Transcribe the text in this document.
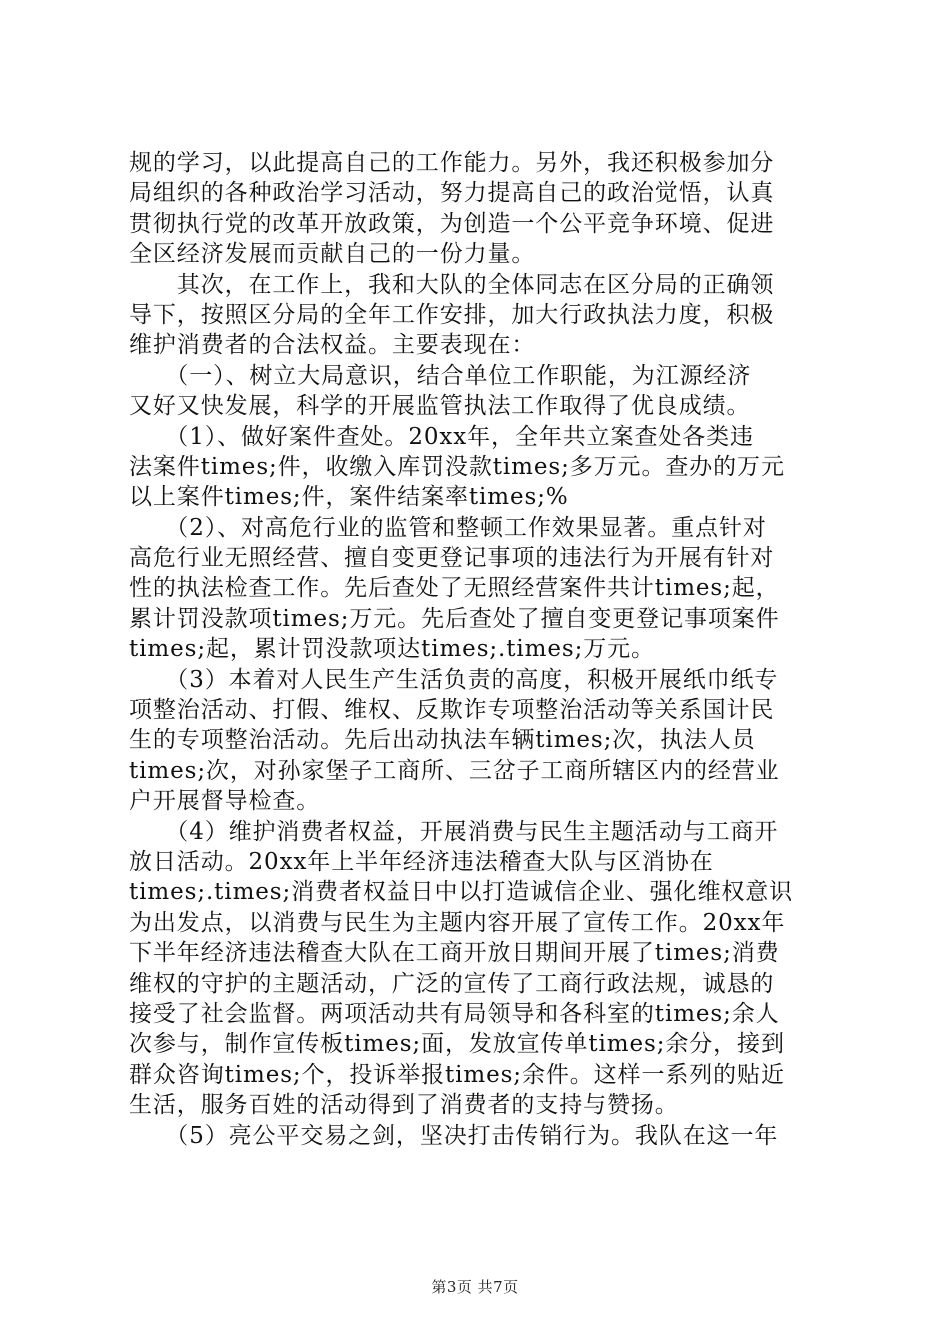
规的学习，以此提高自己的工作能力。另外，我还积极参加分
局组织的各种政治学习活动，努力提高自己的政治觉悟，认真
贯彻执行党的改革开放政策，为创造一个公平竞争环境、促进
全区经济发展而贡献自己的一份力量。
　　其次，在工作上，我和大队的全体同志在区分局的正确领
导下，按照区分局的全年工作安排，加大行政执法力度，积极
维护消费者的合法权益。主要表现在：
　　（一）、树立大局意识，结合单位工作职能，为江源经济
又好又快发展，科学的开展监管执法工作取得了优良成绩。
　　（1）、做好案件查处。20xx年，全年共立案查处各类违
法案件times;件，收缴入库罚没款times;多万元。查办的万元
以上案件times;件，案件结案率times;%
　　（2）、对高危行业的监管和整顿工作效果显著。重点针对
高危行业无照经营、擅自变更登记事项的违法行为开展有针对
性的执法检查工作。先后查处了无照经营案件共计times;起，
累计罚没款项times;万元。先后查处了擅自变更登记事项案件
times;起，累计罚没款项达times;.times;万元。
　　（3）本着对人民生产生活负责的高度，积极开展纸巾纸专
项整治活动、打假、维权、反欺诈专项整治活动等关系国计民
生的专项整治活动。先后出动执法车辆times;次，执法人员
times;次，对孙家堡子工商所、三岔子工商所辖区内的经营业
户开展督导检查。
　　（4）维护消费者权益，开展消费与民生主题活动与工商开
放日活动。20xx年上半年经济违法稽查大队与区消协在
times;.times;消费者权益日中以打造诚信企业、强化维权意识
为出发点，以消费与民生为主题内容开展了宣传工作。20xx年
下半年经济违法稽查大队在工商开放日期间开展了times;消费
维权的守护的主题活动，广泛的宣传了工商行政法规，诚恳的
接受了社会监督。两项活动共有局领导和各科室的times;余人
次参与，制作宣传板times;面，发放宣传单times;余分，接到
群众咨询times;个，投诉举报times;余件。这样一系列的贴近
生活，服务百姓的活动得到了消费者的支持与赞扬。
　　（5）亮公平交易之剑，坚决打击传销行为。我队在这一年
第3页 共7页
